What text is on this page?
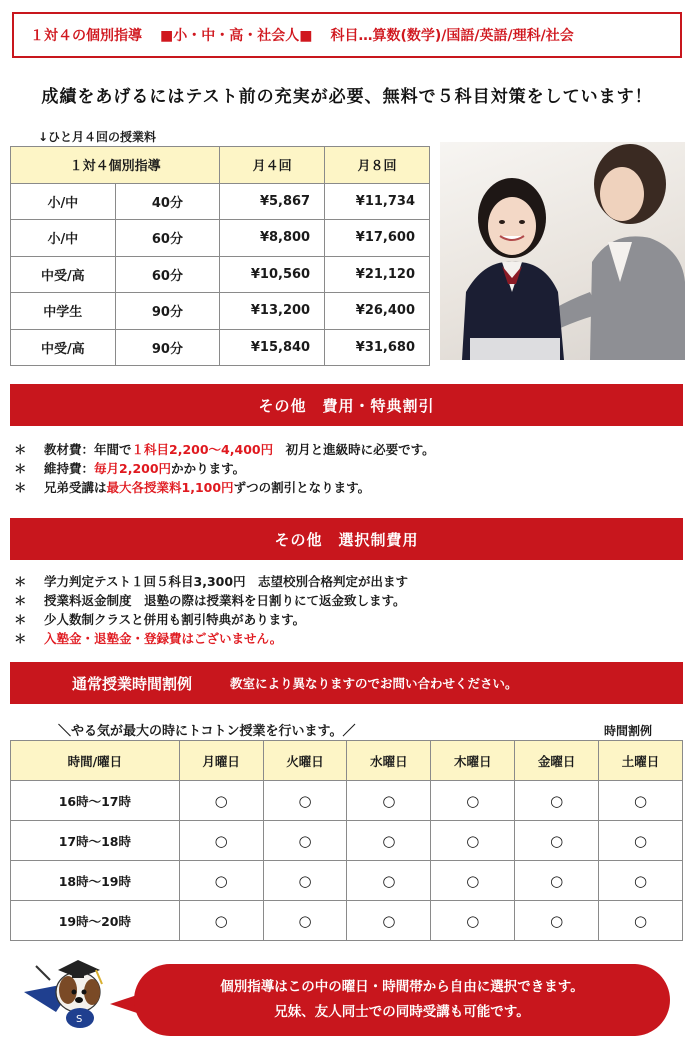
１対４の個別指導 ■小・中・高・社会人■ 科目…算数(数学)/国語/英語/理科/社会
成績をあげるにはテスト前の充実が必要、無料で５科目対策をしています！
↓ひと月４回の授業料
１対４個別指導		月４回	月８回
小/中	40分	¥5,867	¥11,734
小/中	60分	¥8,800	¥17,600
中受/高	60分	¥10,560	¥21,120
中学生	90分	¥13,200	¥26,400
中受/高	90分	¥15,840	¥31,680
その他　費用・特典割引
＊	教材費：年間で １科目2,200～4,400円 　初月と進級時に必要です。
＊	維持費： 毎月2,200円 かかります。
＊	兄弟受講は 最大各授業料1,100円 ずつの割引となります。
その他　選択制費用
＊	学力判定テスト１回５科目3,300円　志望校別合格判定が出ます
＊	授業料返金制度　退塾の際は授業料を日割りにて返金致します。
＊	少人数制クラスと併用も割引特典があります。
＊	入塾金・退塾金・登録費はございません。
通常授業時間割例	教室により異なりますのでお問い合わせください。
＼やる気が最大の時にトコトン授業を行います。／	時間割例
時間/曜日	月曜日	火曜日	水曜日	木曜日	金曜日	土曜日
16時～17時	○	○	○	○	○	○
17時～18時	○	○	○	○	○	○
18時～19時	○	○	○	○	○	○
19時～20時	○	○	○	○	○	○
S
個別指導はこの中の曜日・時間帯から自由に選択できます。
兄妹、友人同士での同時受講も可能です。
